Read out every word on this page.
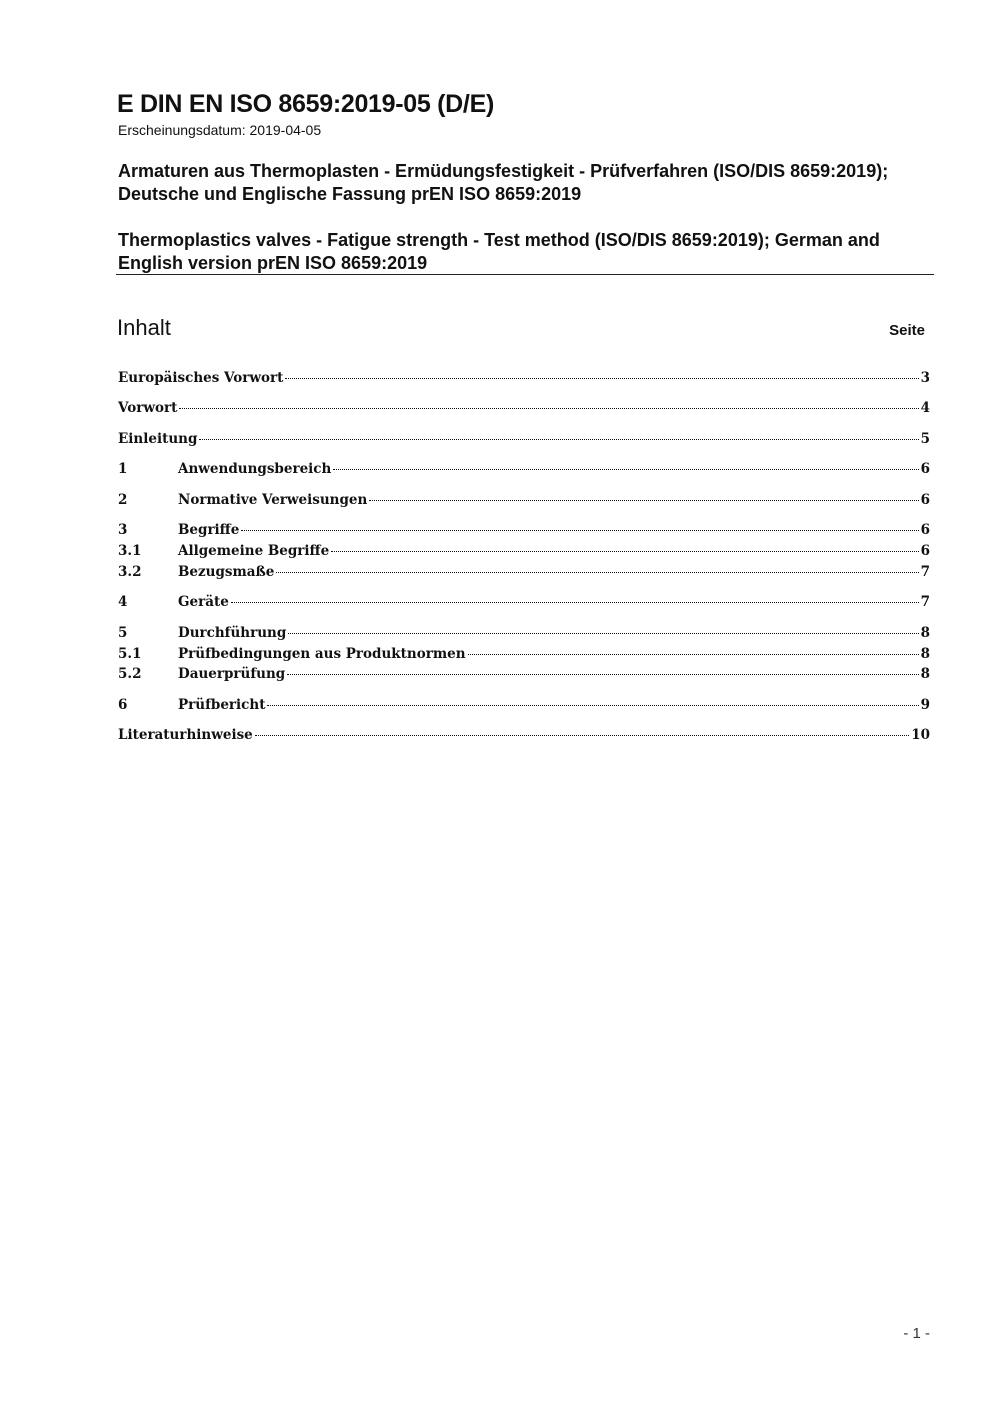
E DIN EN ISO 8659:2019-05 (D/E)

Erscheinungsdatum: 2019-04-05

Armaturen aus Thermoplasten - Ermüdungsfestigkeit - Prüfverfahren (ISO/DIS 8659:2019); Deutsche und Englische Fassung prEN ISO 8659:2019

Thermoplastics valves - Fatigue strength - Test method (ISO/DIS 8659:2019); German and English version prEN ISO 8659:2019

Inhalt	Seite
Europäisches Vorwort	3
Vorwort	4
Einleitung	5
1	Anwendungsbereich	6
2	Normative Verweisungen	6
3	Begriffe	6
3.1	Allgemeine Begriffe	6
3.2	Bezugsmaße	7
4	Geräte	7
5	Durchführung	8
5.1	Prüfbedingungen aus Produktnormen	8
5.2	Dauerprüfung	8
6	Prüfbericht	9
Literaturhinweise	10
- 1 -
